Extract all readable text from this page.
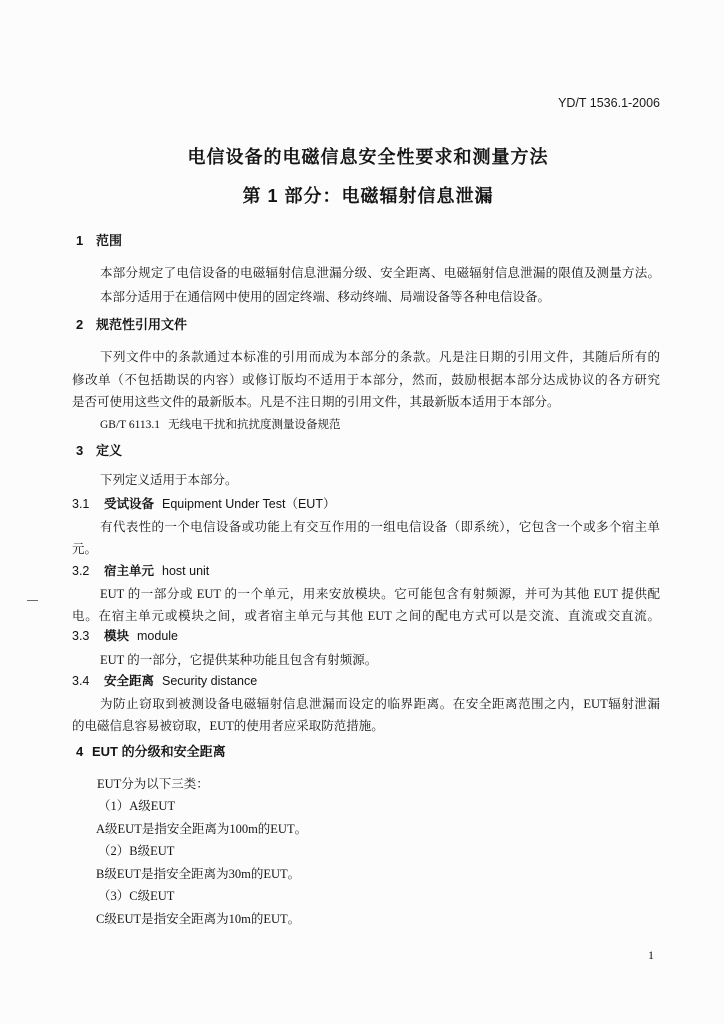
YD/T 1536.1-2006
电信设备的电磁信息安全性要求和测量方法
第 1 部分：电磁辐射信息泄漏
1 范围
本部分规定了电信设备的电磁辐射信息泄漏分级、安全距离、电磁辐射信息泄漏的限值及测量方法。
本部分适用于在通信网中使用的固定终端、移动终端、局端设备等各种电信设备。
2 规范性引用文件
下列文件中的条款通过本标准的引用而成为本部分的条款。凡是注日期的引用文件，其随后所有的
修改单（不包括勘误的内容）或修订版均不适用于本部分，然而，鼓励根据本部分达成协议的各方研究
是否可使用这些文件的最新版本。凡是不注日期的引用文件，其最新版本适用于本部分。
GB/T 6113.1 无线电干扰和抗扰度测量设备规范
3 定义
下列定义适用于本部分。
3.1 受试设备 Equipment Under Test（EUT）
有代表性的一个电信设备或功能上有交互作用的一组电信设备（即系统），它包含一个或多个宿主单
元。
3.2 宿主单元 host unit
EUT 的一部分或 EUT 的一个单元，用来安放模块。它可能包含有射频源，并可为其他 EUT 提供配
电。在宿主单元或模块之间，或者宿主单元与其他 EUT 之间的配电方式可以是交流、直流或交直流。
3.3 模块 module
EUT 的一部分，它提供某种功能且包含有射频源。
3.4 安全距离 Security distance
为防止窃取到被测设备电磁辐射信息泄漏而设定的临界距离。在安全距离范围之内，EUT辐射泄漏
的电磁信息容易被窃取，EUT的使用者应采取防范措施。
4 EUT 的分级和安全距离
EUT分为以下三类：
（1）A级EUT
A级EUT是指安全距离为100m的EUT。
（2）B级EUT
B级EUT是指安全距离为30m的EUT。
（3）C级EUT
C级EUT是指安全距离为10m的EUT。
1
